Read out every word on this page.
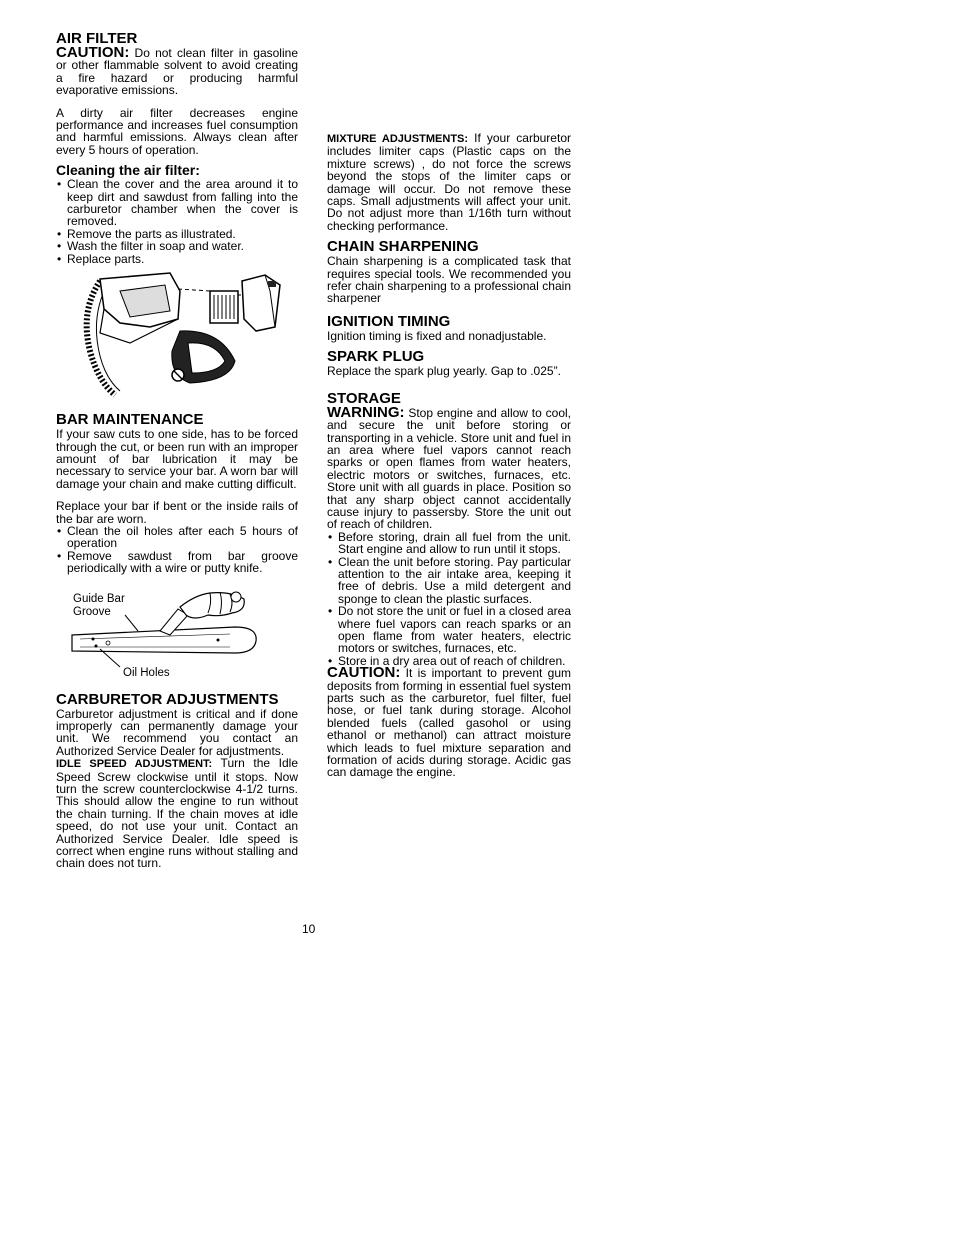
AIR FILTER

CAUTION: Do not clean filter in gasoline or other flammable solvent to avoid creating a fire hazard or producing harmful evaporative emissions.

A dirty air filter decreases engine performance and increases fuel consumption and harmful emissions. Always clean after every 5 hours of operation.

Cleaning the air filter:
• Clean the cover and the area around it to keep dirt and sawdust from falling into the carburetor chamber when the cover is removed.
• Remove the parts as illustrated.
• Wash the filter in soap and water.
• Replace parts.
BAR MAINTENANCE

If your saw cuts to one side, has to be forced through the cut, or been run with an improper amount of bar lubrication it may be necessary to service your bar. A worn bar will damage your chain and make cutting difficult.

Replace your bar if bent or the inside rails of the bar are worn.

• Clean the oil holes after each 5 hours of operation
• Remove sawdust from bar groove periodically with a wire or putty knife.
Guide Bar Groove
Oil Holes
CARBURETOR ADJUSTMENTS

Carburetor adjustment is critical and if done improperly can permanently damage your unit. We recommend you contact an Authorized Service Dealer for adjustments.

IDLE SPEED ADJUSTMENT: Turn the Idle Speed Screw clockwise until it stops. Now turn the screw counterclockwise 4-1/2 turns. This should allow the engine to run without the chain turning. If the chain moves at idle speed, do not use your unit. Contact an Authorized Service Dealer. Idle speed is correct when engine runs without stalling and chain does not turn.

MIXTURE ADJUSTMENTS: If your carburetor includes limiter caps (Plastic caps on the mixture screws) , do not force the screws beyond the stops of the limiter caps or damage will occur. Do not remove these caps. Small adjustments will affect your unit. Do not adjust more than 1/16th turn without checking performance.

CHAIN SHARPENING

Chain sharpening is a complicated task that requires special tools. We recommended you refer chain sharpening to a professional chain sharpener

IGNITION TIMING

Ignition timing is fixed and nonadjustable.

SPARK PLUG

Replace the spark plug yearly. Gap to .025”.

STORAGE

WARNING: Stop engine and allow to cool, and secure the unit before storing or transporting in a vehicle. Store unit and fuel in an area where fuel vapors cannot reach sparks or open flames from water heaters, electric motors or switches, furnaces, etc. Store unit with all guards in place. Position so that any sharp object cannot accidentally cause injury to passersby. Store the unit out of reach of children.

• Before storing, drain all fuel from the unit. Start engine and allow to run until it stops.
• Clean the unit before storing. Pay particular attention to the air intake area, keeping it free of debris. Use a mild detergent and sponge to clean the plastic surfaces.
• Do not store the unit or fuel in a closed area where fuel vapors can reach sparks or an open flame from water heaters, electric motors or switches, furnaces, etc.
• Store in a dry area out of reach of children.

CAUTION: It is important to prevent gum deposits from forming in essential fuel system parts such as the carburetor, fuel filter, fuel hose, or fuel tank during storage. Alcohol blended fuels (called gasohol or using ethanol or methanol) can attract moisture which leads to fuel mixture separation and formation of acids during storage. Acidic gas can damage the engine.

10
